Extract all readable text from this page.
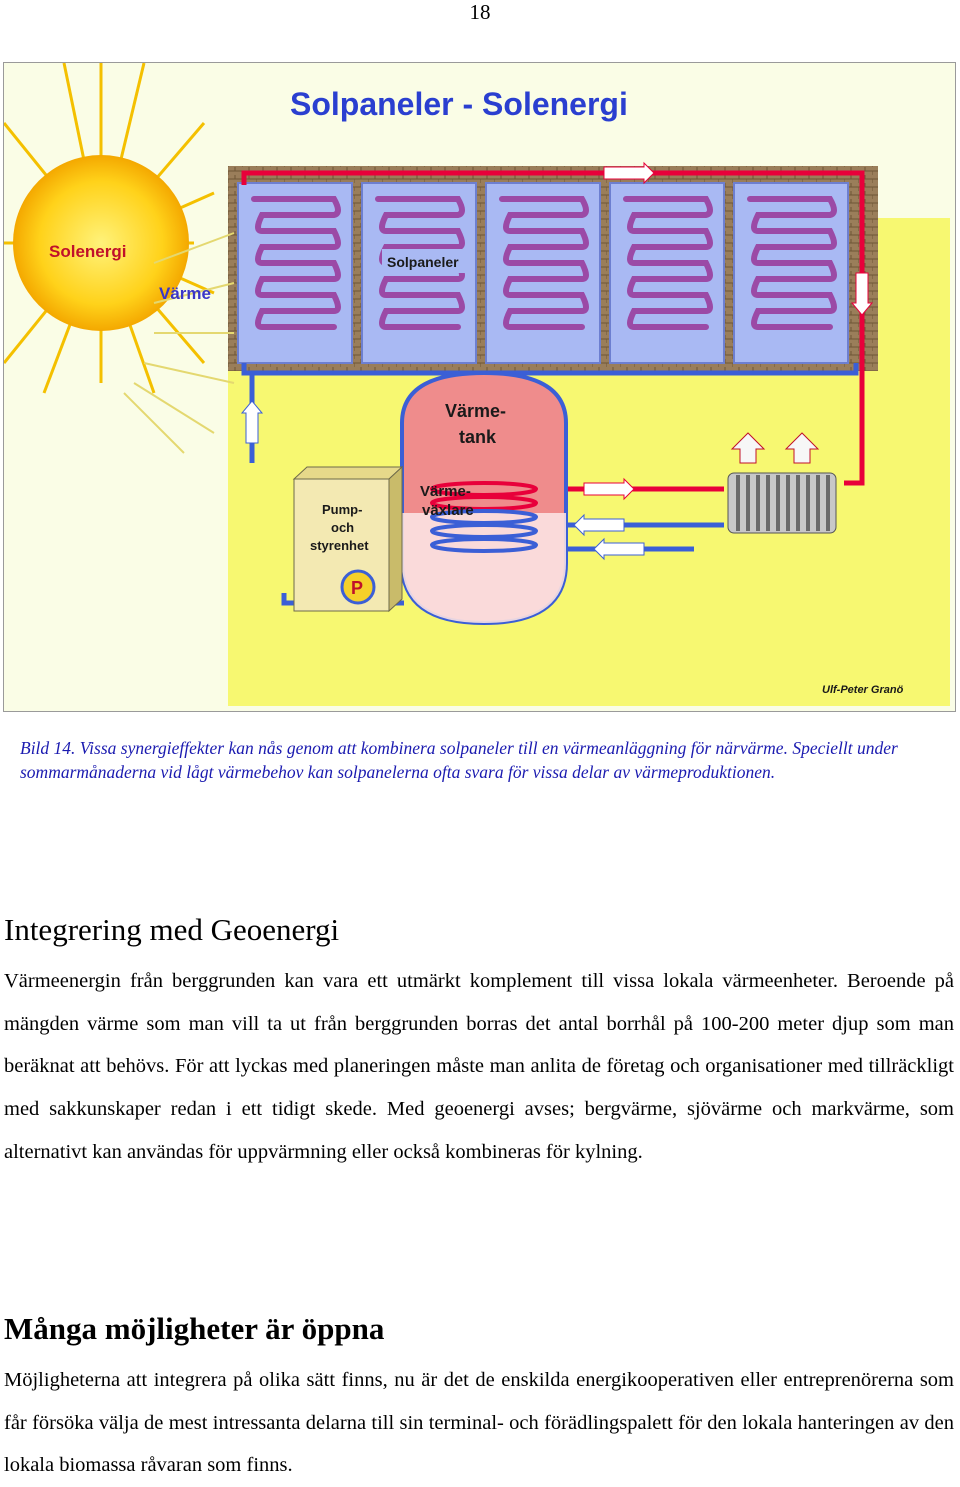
18
Solpaneler - Solenergi
Solenergi
Värme
Solpaneler
Värme-
tank
Värme-
växlare
Pump-
och
styrenhet
P
Ulf-Peter Granö
Bild 14. Vissa synergieffekter kan nås genom att kombinera solpaneler till en värmeanläggning för närvärme. Speciellt under sommarmånaderna vid lågt värmebehov kan solpanelerna ofta svara för vissa delar av värmeproduktionen.
Integrering med Geoenergi
Värmeenergin från berggrunden kan vara ett utmärkt komplement till vissa lokala värmeenheter. Beroende på mängden värme som man vill ta ut från berggrunden borras det antal borrhål på 100-200 meter djup som man beräknat att behövs. För att lyckas med planeringen måste man anlita de företag och organisationer med tillräckligt med sakkunskaper redan i ett tidigt skede. Med geoenergi avses; bergvärme, sjövärme och markvärme, som alternativt kan användas för uppvärmning eller också kombineras för kylning.
Många möjligheter är öppna
Möjligheterna att integrera på olika sätt finns, nu är det de enskilda energikooperativen eller entreprenörerna som får försöka välja de mest intressanta delarna till sin terminal- och förädlingspalett för den lokala hanteringen av den lokala biomassa råvaran som finns.
